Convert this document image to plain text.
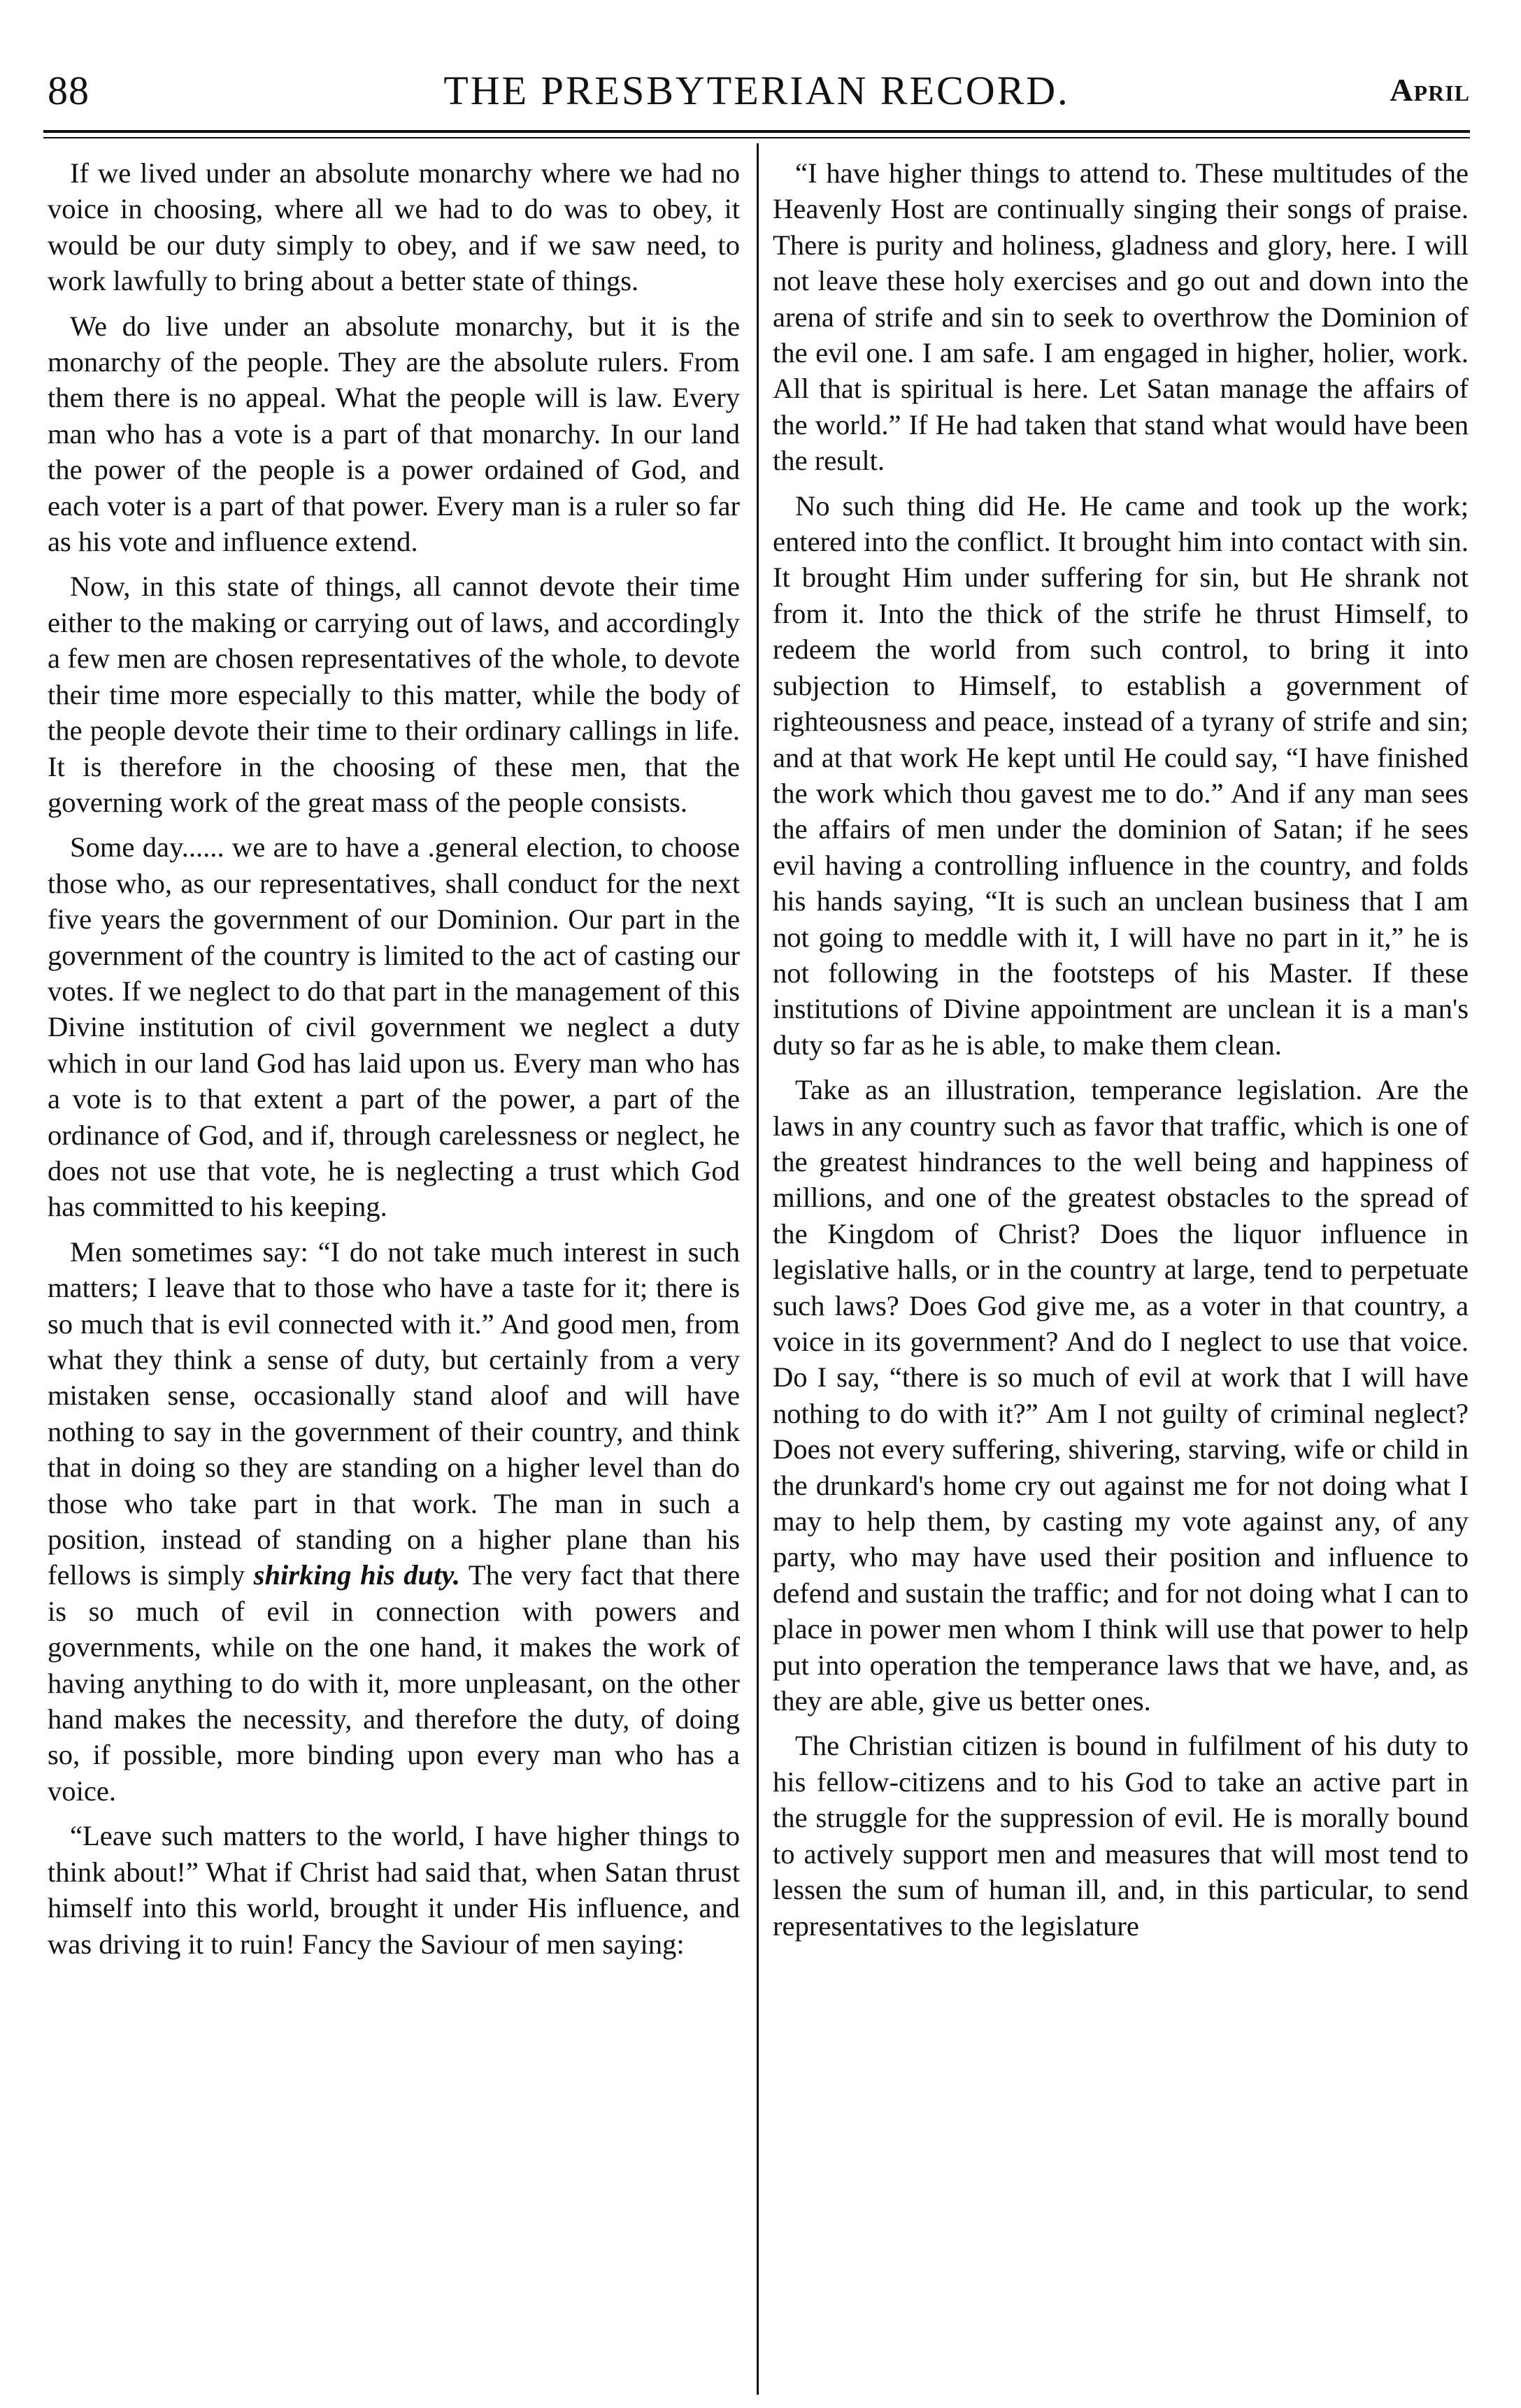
88	THE PRESBYTERIAN RECORD.	April

If we lived under an absolute monarchy where we had no voice in choosing, where all we had to do was to obey, it would be our duty simply to obey, and if we saw need, to work lawfully to bring about a better state of things.

We do live under an absolute monarchy, but it is the monarchy of the people. They are the absolute rulers. From them there is no appeal. What the people will is law. Every man who has a vote is a part of that monarchy. In our land the power of the people is a power ordained of God, and each voter is a part of that power. Every man is a ruler so far as his vote and influence extend.

Now, in this state of things, all cannot devote their time either to the making or carrying out of laws, and accordingly a few men are chosen representatives of the whole, to devote their time more especially to this matter, while the body of the people devote their time to their ordinary callings in life. It is therefore in the choosing of these men, that the governing work of the great mass of the people consists.

Some day...... we are to have a .general election, to choose those who, as our representatives, shall conduct for the next five years the government of our Dominion. Our part in the government of the country is limited to the act of casting our votes. If we neglect to do that part in the management of this Divine institution of civil government we neglect a duty which in our land God has laid upon us. Every man who has a vote is to that extent a part of the power, a part of the ordinance of God, and if, through carelessness or neglect, he does not use that vote, he is neglecting a trust which God has committed to his keeping.

Men sometimes say: “I do not take much interest in such matters; I leave that to those who have a taste for it; there is so much that is evil connected with it.” And good men, from what they think a sense of duty, but certainly from a very mistaken sense, occasionally stand aloof and will have nothing to say in the government of their country, and think that in doing so they are standing on a higher level than do those who take part in that work. The man in such a position, instead of standing on a higher plane than his fellows is simply shirking his duty. The very fact that there is so much of evil in connection with powers and governments, while on the one hand, it makes the work of having anything to do with it, more unpleasant, on the other hand makes the necessity, and therefore the duty, of doing so, if possible, more binding upon every man who has a voice.

“Leave such matters to the world, I have higher things to think about!” What if Christ had said that, when Satan thrust himself into this world, brought it under His influence, and was driving it to ruin! Fancy the Saviour of men saying:

“I have higher things to attend to. These multitudes of the Heavenly Host are continually singing their songs of praise. There is purity and holiness, gladness and glory, here. I will not leave these holy exercises and go out and down into the arena of strife and sin to seek to overthrow the Dominion of the evil one. I am safe. I am engaged in higher, holier, work. All that is spiritual is here. Let Satan manage the affairs of the world.” If He had taken that stand what would have been the result.

No such thing did He. He came and took up the work; entered into the conflict. It brought him into contact with sin. It brought Him under suffering for sin, but He shrank not from it. Into the thick of the strife he thrust Himself, to redeem the world from such control, to bring it into subjection to Himself, to establish a government of righteousness and peace, instead of a tyrany of strife and sin; and at that work He kept until He could say, “I have finished the work which thou gavest me to do.” And if any man sees the affairs of men under the dominion of Satan; if he sees evil having a controlling influence in the country, and folds his hands saying, “It is such an unclean business that I am not going to meddle with it, I will have no part in it,” he is not following in the footsteps of his Master. If these institutions of Divine appointment are unclean it is a man's duty so far as he is able, to make them clean.

Take as an illustration, temperance legislation. Are the laws in any country such as favor that traffic, which is one of the greatest hindrances to the well being and happiness of millions, and one of the greatest obstacles to the spread of the Kingdom of Christ? Does the liquor influence in legislative halls, or in the country at large, tend to perpetuate such laws? Does God give me, as a voter in that country, a voice in its government? And do I neglect to use that voice. Do I say, “there is so much of evil at work that I will have nothing to do with it?” Am I not guilty of criminal neglect? Does not every suffering, shivering, starving, wife or child in the drunkard's home cry out against me for not doing what I may to help them, by casting my vote against any, of any party, who may have used their position and influence to defend and sustain the traffic; and for not doing what I can to place in power men whom I think will use that power to help put into operation the temperance laws that we have, and, as they are able, give us better ones.

The Christian citizen is bound in fulfilment of his duty to his fellow-citizens and to his God to take an active part in the struggle for the suppression of evil. He is morally bound to actively support men and measures that will most tend to lessen the sum of human ill, and, in this particular, to send representatives to the legislature
